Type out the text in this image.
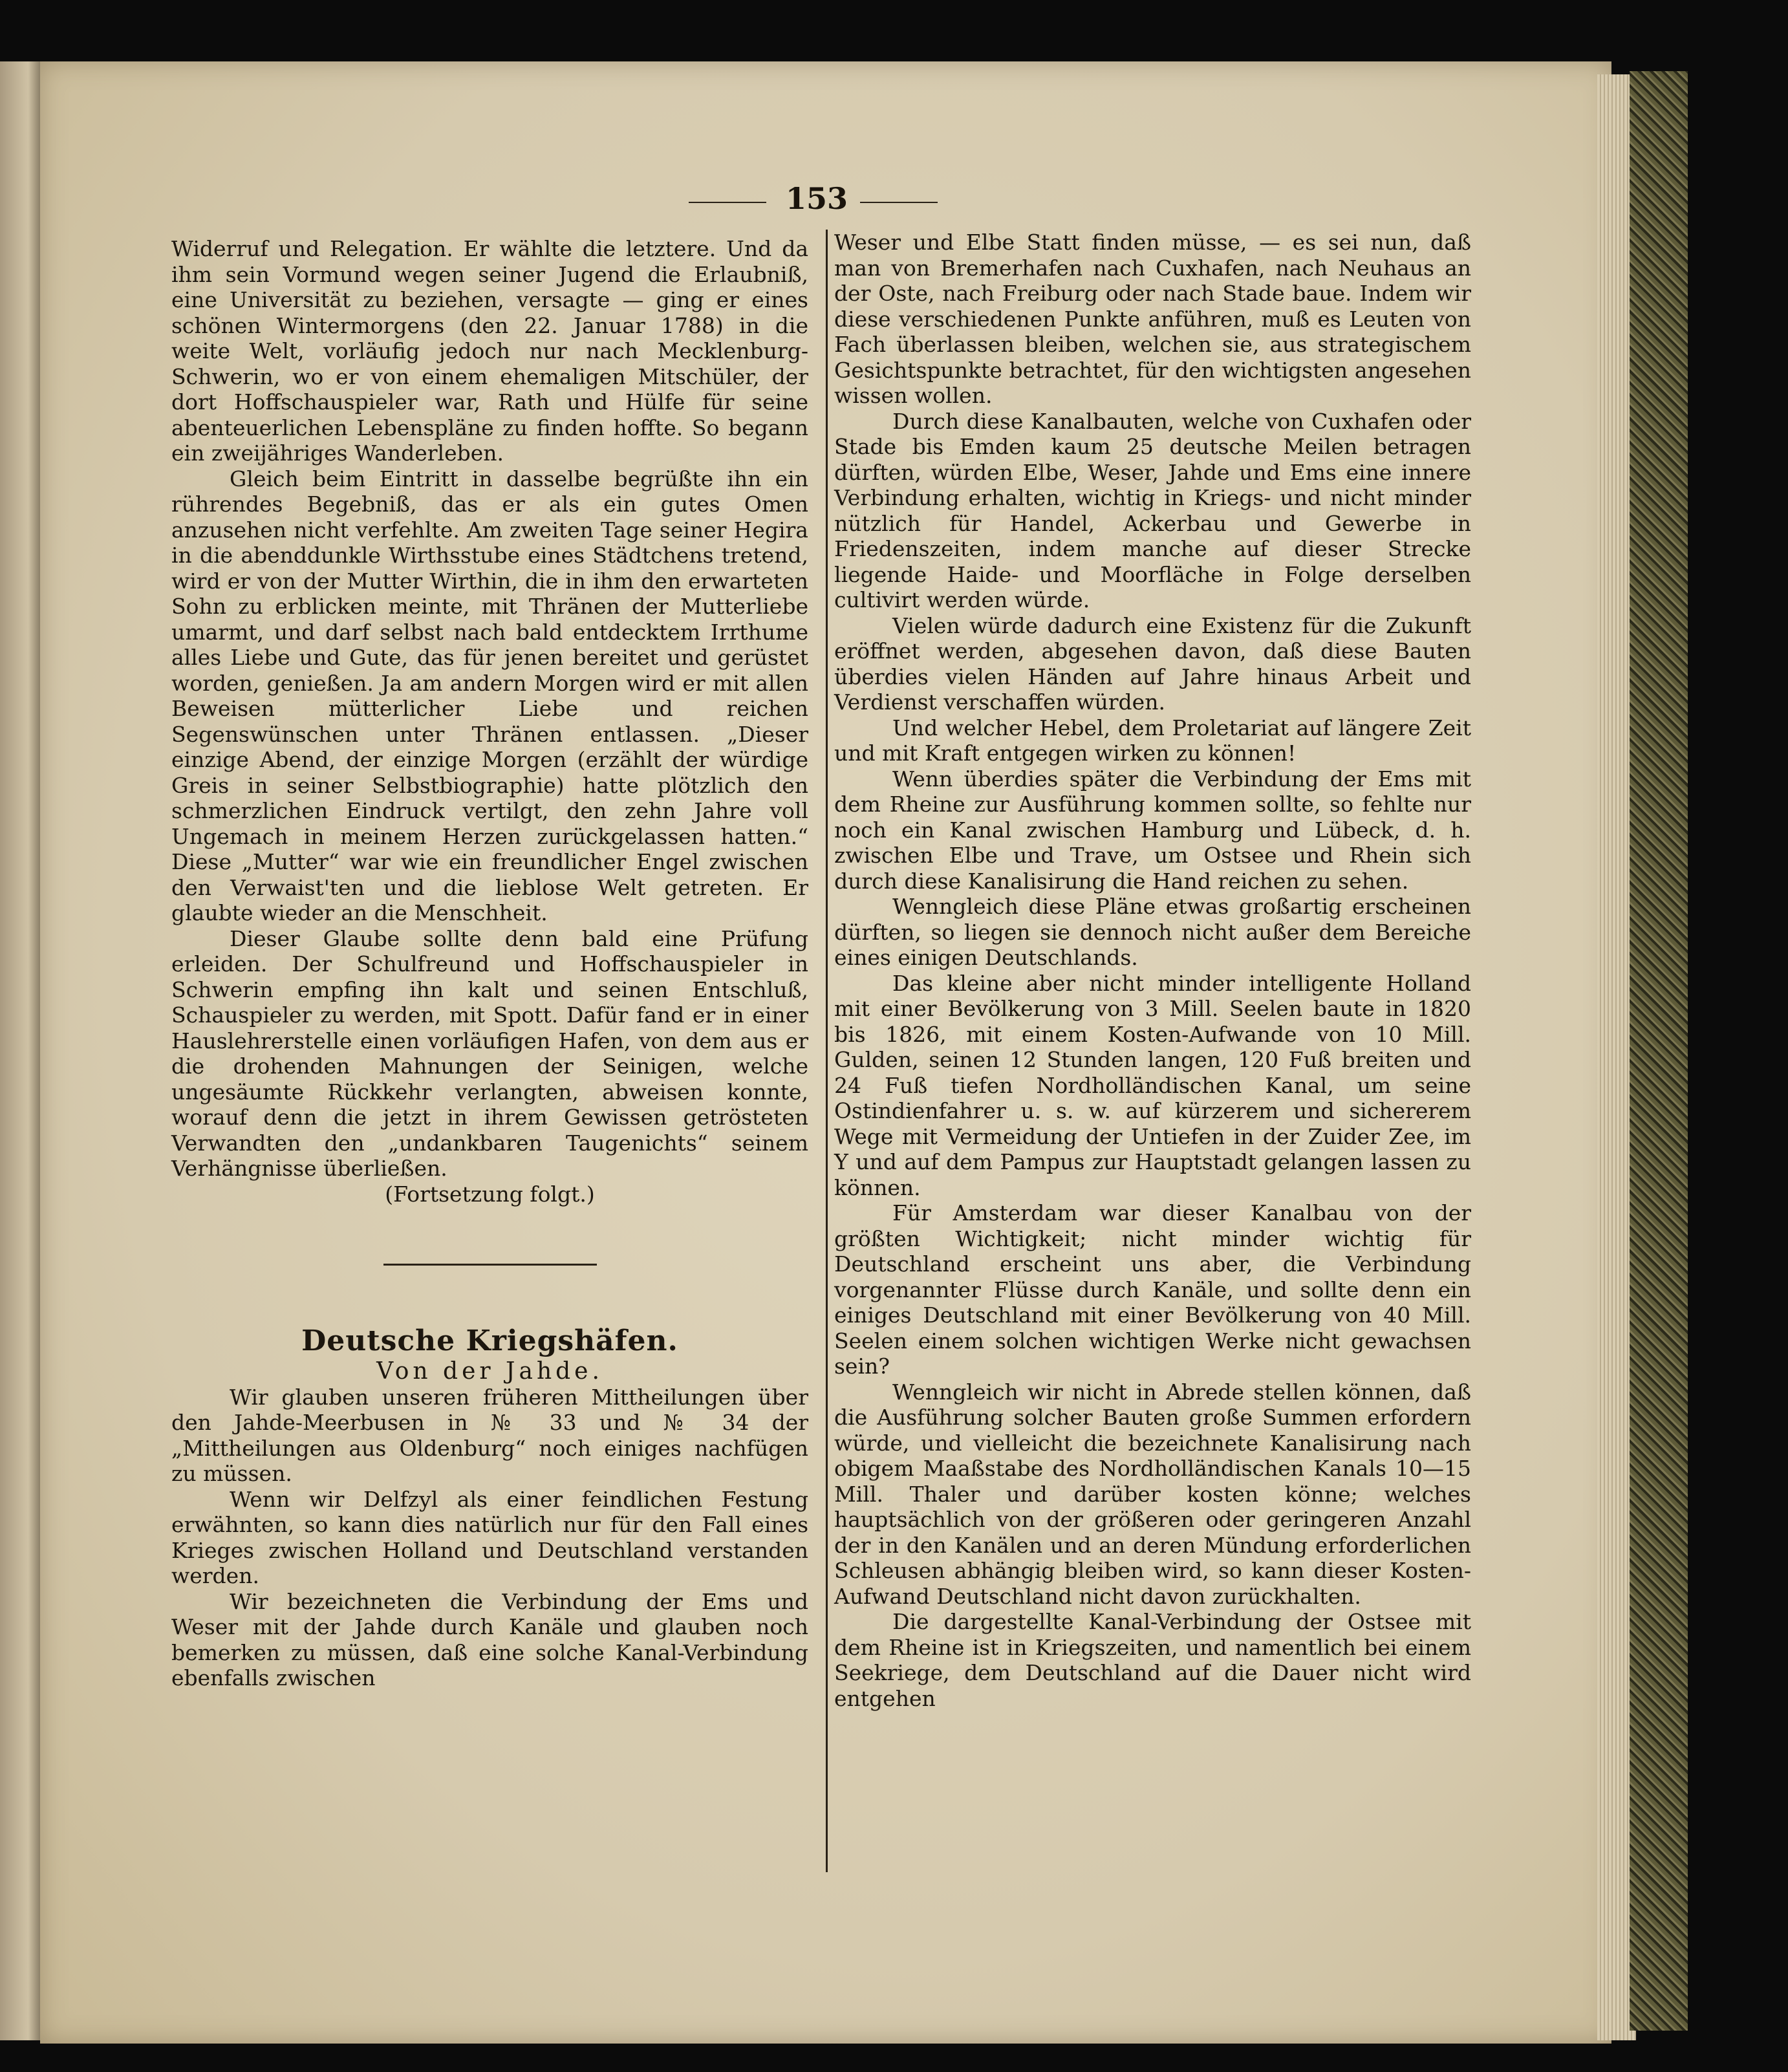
153

Widerruf und Relegation. Er wählte die letztere. Und da ihm sein Vormund wegen seiner Jugend die Erlaubniß, eine Universität zu beziehen, versagte — ging er eines schönen Wintermorgens (den 22. Januar 1788) in die weite Welt, vorläufig jedoch nur nach Mecklenburg-Schwerin, wo er von einem ehemaligen Mitschüler, der dort Hoffschauspieler war, Rath und Hülfe für seine abenteuerlichen Lebenspläne zu finden hoffte. So begann ein zweijähriges Wanderleben.

Gleich beim Eintritt in dasselbe begrüßte ihn ein rührendes Begebniß, das er als ein gutes Omen anzusehen nicht verfehlte. Am zweiten Tage seiner Hegira in die abenddunkle Wirthsstube eines Städtchens tretend, wird er von der Mutter Wirthin, die in ihm den erwarteten Sohn zu erblicken meinte, mit Thränen der Mutterliebe umarmt, und darf selbst nach bald entdecktem Irrthume alles Liebe und Gute, das für jenen bereitet und gerüstet worden, genießen. Ja am andern Morgen wird er mit allen Beweisen mütterlicher Liebe und reichen Segenswünschen unter Thränen entlassen. „Dieser einzige Abend, der einzige Morgen (erzählt der würdige Greis in seiner Selbstbiographie) hatte plötzlich den schmerzlichen Eindruck vertilgt, den zehn Jahre voll Ungemach in meinem Herzen zurückgelassen hatten.“ Diese „Mutter“ war wie ein freundlicher Engel zwischen den Verwaist'ten und die lieblose Welt getreten. Er glaubte wieder an die Menschheit.

Dieser Glaube sollte denn bald eine Prüfung erleiden. Der Schulfreund und Hoffschauspieler in Schwerin empfing ihn kalt und seinen Entschluß, Schauspieler zu werden, mit Spott. Dafür fand er in einer Hauslehrerstelle einen vorläufigen Hafen, von dem aus er die drohenden Mahnungen der Seinigen, welche ungesäumte Rückkehr verlangten, abweisen konnte, worauf denn die jetzt in ihrem Gewissen getrösteten Verwandten den „undankbaren Taugenichts“ seinem Verhängnisse überließen.

(Fortsetzung folgt.)

Deutsche Kriegshäfen.

Von der Jahde.

Wir glauben unseren früheren Mittheilungen über den Jahde-Meerbusen in № 33 und № 34 der „Mittheilungen aus Oldenburg“ noch einiges nachfügen zu müssen.

Wenn wir Delfzyl als einer feindlichen Festung erwähnten, so kann dies natürlich nur für den Fall eines Krieges zwischen Holland und Deutschland verstanden werden.

Wir bezeichneten die Verbindung der Ems und Weser mit der Jahde durch Kanäle und glauben noch bemerken zu müssen, daß eine solche Kanal-Verbindung ebenfalls zwischen

Weser und Elbe Statt finden müsse, — es sei nun, daß man von Bremerhafen nach Cuxhafen, nach Neuhaus an der Oste, nach Freiburg oder nach Stade baue. Indem wir diese verschiedenen Punkte anführen, muß es Leuten von Fach überlassen bleiben, welchen sie, aus strategischem Gesichtspunkte betrachtet, für den wichtigsten angesehen wissen wollen.

Durch diese Kanalbauten, welche von Cuxhafen oder Stade bis Emden kaum 25 deutsche Meilen betragen dürften, würden Elbe, Weser, Jahde und Ems eine innere Verbindung erhalten, wichtig in Kriegs- und nicht minder nützlich für Handel, Ackerbau und Gewerbe in Friedenszeiten, indem manche auf dieser Strecke liegende Haide- und Moorfläche in Folge derselben cultivirt werden würde.

Vielen würde dadurch eine Existenz für die Zukunft eröffnet werden, abgesehen davon, daß diese Bauten überdies vielen Händen auf Jahre hinaus Arbeit und Verdienst verschaffen würden.

Und welcher Hebel, dem Proletariat auf längere Zeit und mit Kraft entgegen wirken zu können!

Wenn überdies später die Verbindung der Ems mit dem Rheine zur Ausführung kommen sollte, so fehlte nur noch ein Kanal zwischen Hamburg und Lübeck, d. h. zwischen Elbe und Trave, um Ostsee und Rhein sich durch diese Kanalisirung die Hand reichen zu sehen.

Wenngleich diese Pläne etwas großartig erscheinen dürften, so liegen sie dennoch nicht außer dem Bereiche eines einigen Deutschlands.

Das kleine aber nicht minder intelligente Holland mit einer Bevölkerung von 3 Mill. Seelen baute in 1820 bis 1826, mit einem Kosten-Aufwande von 10 Mill. Gulden, seinen 12 Stunden langen, 120 Fuß breiten und 24 Fuß tiefen Nordholländischen Kanal, um seine Ostindienfahrer u. s. w. auf kürzerem und sichererem Wege mit Vermeidung der Untiefen in der Zuider Zee, im Y und auf dem Pampus zur Hauptstadt gelangen lassen zu können.

Für Amsterdam war dieser Kanalbau von der größten Wichtigkeit; nicht minder wichtig für Deutschland erscheint uns aber, die Verbindung vorgenannter Flüsse durch Kanäle, und sollte denn ein einiges Deutschland mit einer Bevölkerung von 40 Mill. Seelen einem solchen wichtigen Werke nicht gewachsen sein?

Wenngleich wir nicht in Abrede stellen können, daß die Ausführung solcher Bauten große Summen erfordern würde, und vielleicht die bezeichnete Kanalisirung nach obigem Maaßstabe des Nordholländischen Kanals 10—15 Mill. Thaler und darüber kosten könne; welches hauptsächlich von der größeren oder geringeren Anzahl der in den Kanälen und an deren Mündung erforderlichen Schleusen abhängig bleiben wird, so kann dieser Kosten-Aufwand Deutschland nicht davon zurückhalten.

Die dargestellte Kanal-Verbindung der Ostsee mit dem Rheine ist in Kriegszeiten, und namentlich bei einem Seekriege, dem Deutschland auf die Dauer nicht wird entgehen
